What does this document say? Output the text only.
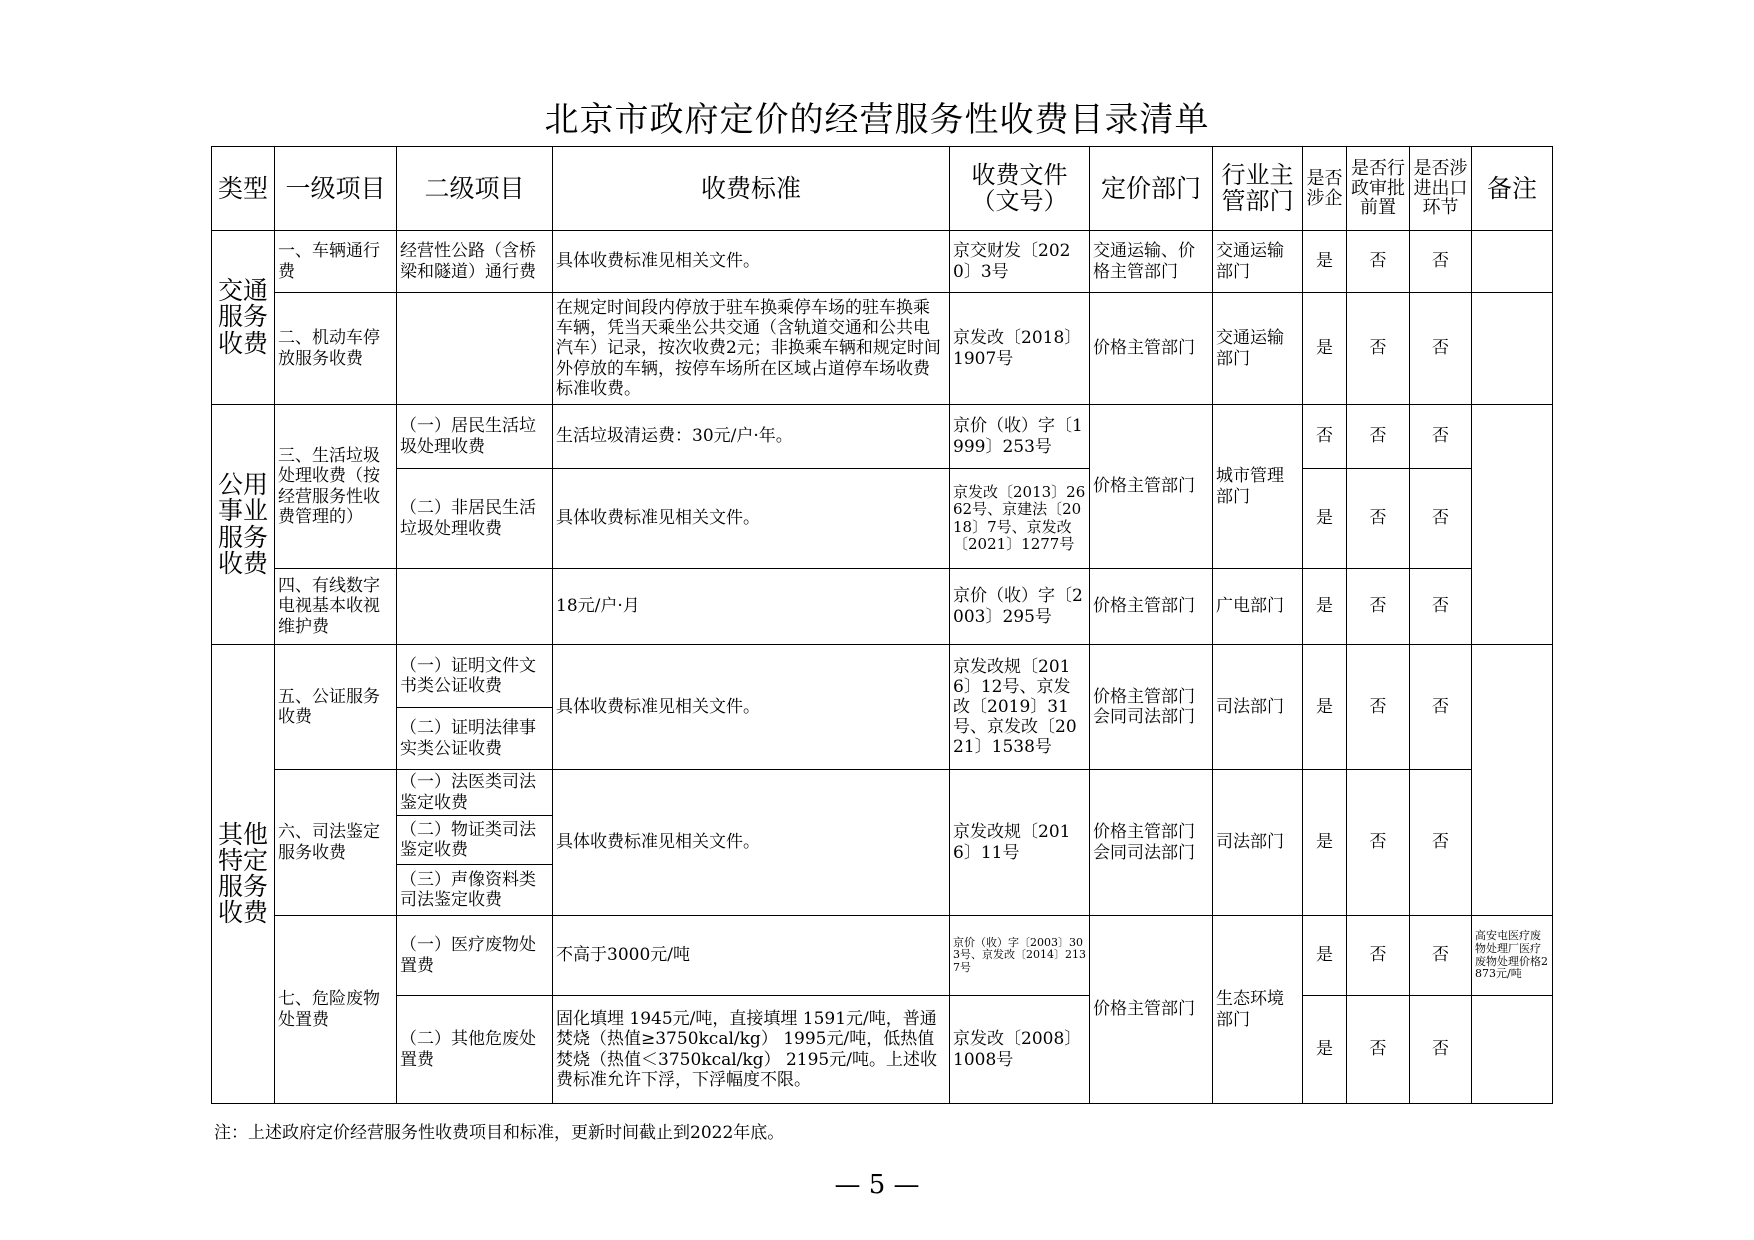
北京市政府定价的经营服务性收费目录清单
类型	一级项目	二级项目	收费标准	收费文件（文号）	定价部门	行业主管部门	是否涉企	是否行政审批前置	是否涉进出口环节	备注
交通服务收费	一、车辆通行费	经营性公路（含桥梁和隧道）通行费	具体收费标准见相关文件。	京交财发〔2020〕3号	交通运输、价格主管部门	交通运输部门	是	否	否	
	二、机动车停放服务收费		在规定时间段内停放于驻车换乘停车场的驻车换乘车辆，凭当天乘坐公共交通（含轨道交通和公共电汽车）记录，按次收费2元；非换乘车辆和规定时间外停放的车辆，按停车场所在区域占道停车场收费标准收费。	京发改〔2018〕1907号	价格主管部门	交通运输部门	是	否	否	
公用事业服务收费	三、生活垃圾处理收费（按经营服务性收费管理的）	（一）居民生活垃圾处理收费	生活垃圾清运费：30元/户·年。	京价（收）字〔1999〕253号	价格主管部门	城市管理部门	否	否	否	
		（二）非居民生活垃圾处理收费	具体收费标准见相关文件。	京发改〔2013〕2662号、京建法〔2018〕7号、京发改〔2021〕1277号			是	否	否	
	四、有线数字电视基本收视维护费		18元/户·月	京价（收）字〔2003〕295号	价格主管部门	广电部门	是	否	否	
其他特定服务收费	五、公证服务收费	（一）证明文件文书类公证收费	具体收费标准见相关文件。	京发改规〔2016〕12号、京发改〔2019〕31号、京发改〔2021〕1538号	价格主管部门会同司法部门	司法部门	是	否	否	
		（二）证明法律事实类公证收费								
	六、司法鉴定服务收费	（一）法医类司法鉴定收费	具体收费标准见相关文件。	京发改规〔2016〕11号	价格主管部门会同司法部门	司法部门	是	否	否	
		（二）物证类司法鉴定收费								
		（三）声像资料类司法鉴定收费								
	七、危险废物处置费	（一）医疗废物处置费	不高于3000元/吨	京价（收）字〔2003〕303号、京发改〔2014〕2137号	价格主管部门	生态环境部门	是	否	否	高安屯医疗废物处理厂医疗废物处理价格2873元/吨
		（二）其他危废处置费	固化填埋 1945元/吨，直接填埋 1591元/吨，普通焚烧（热值≥3750kcal/kg） 1995元/吨，低热值焚烧（热值＜3750kcal/kg） 2195元/吨。上述收费标准允许下浮，下浮幅度不限。	京发改〔2008〕1008号			是	否	否	

注：上述政府定价经营服务性收费项目和标准，更新时间截止到2022年底。

— 5 —
